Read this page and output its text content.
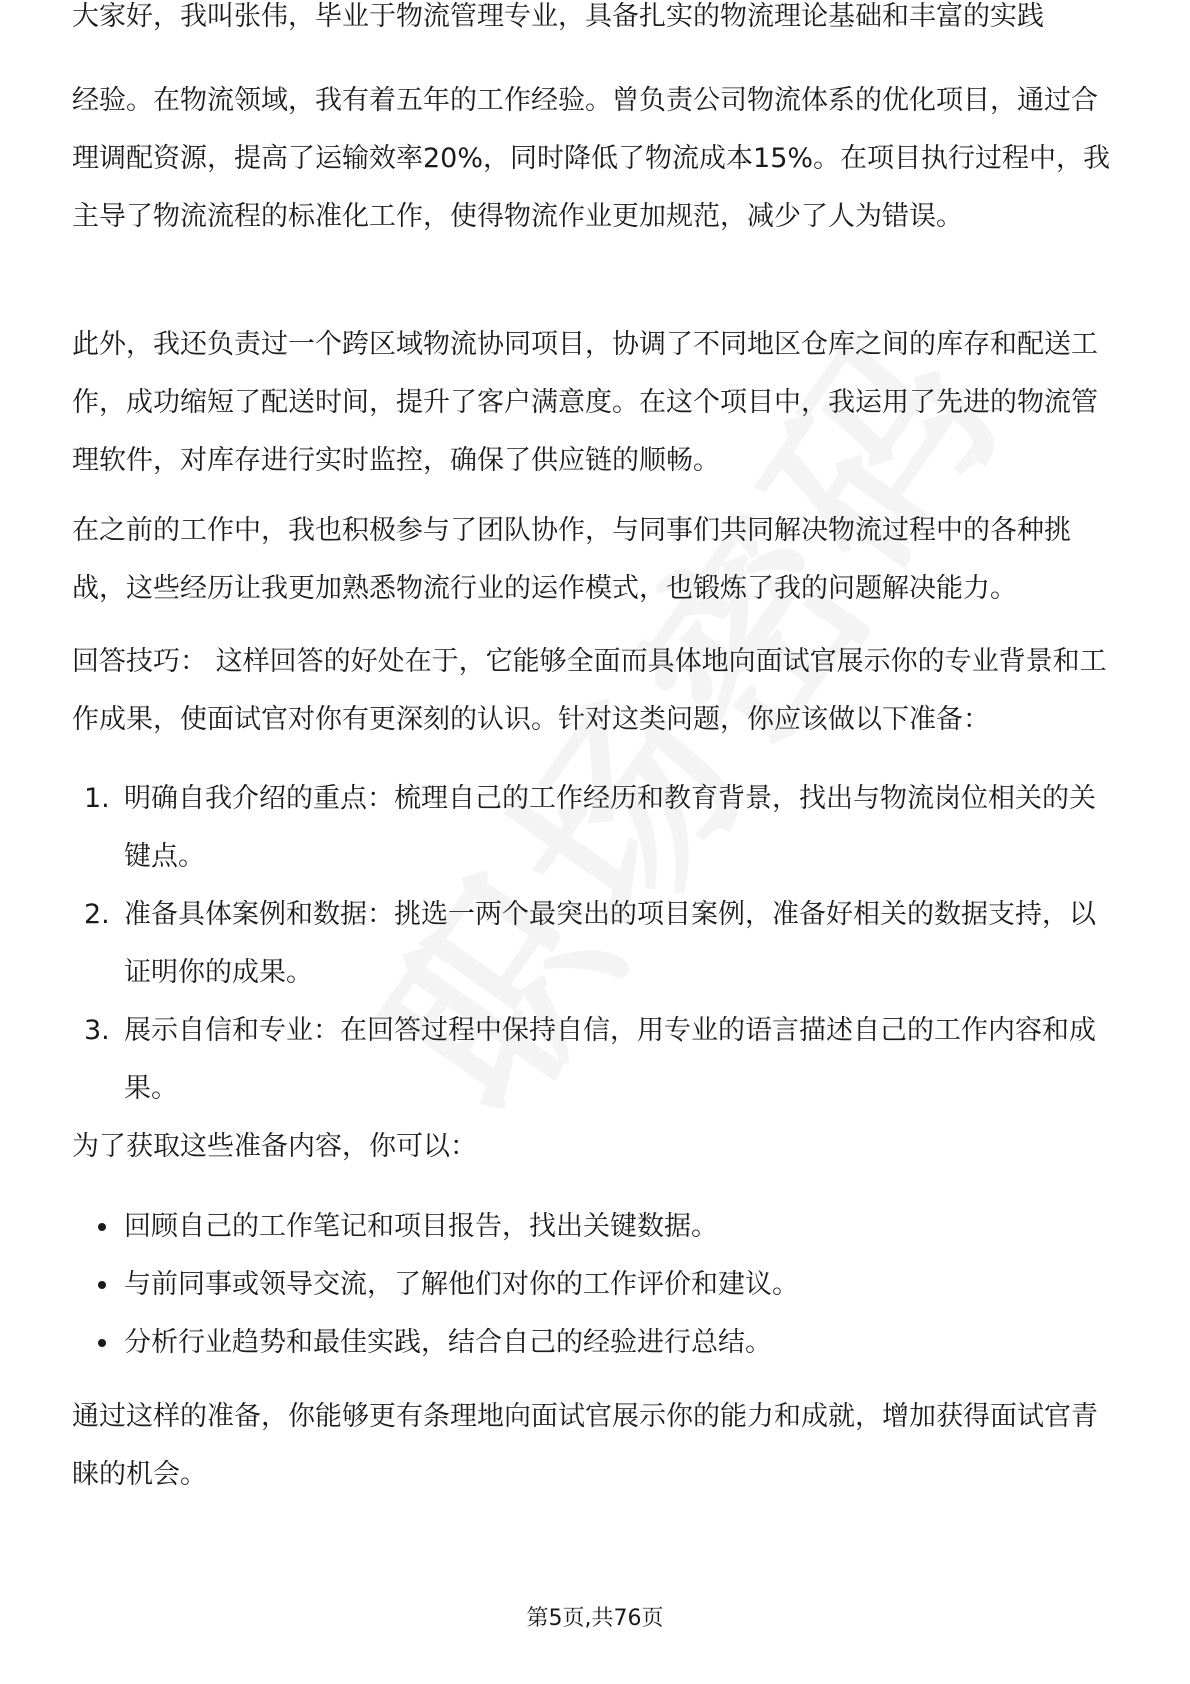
大家好，我叫张伟，毕业于物流管理专业，具备扎实的物流理论基础和丰富的实践

经验。在物流领域，我有着五年的工作经验。曾负责公司物流体系的优化项目，通过合理调配资源，提高了运输效率20%，同时降低了物流成本15%。在项目执行过程中，我主导了物流流程的标准化工作，使得物流作业更加规范，减少了人为错误。

此外，我还负责过一个跨区域物流协同项目，协调了不同地区仓库之间的库存和配送工作，成功缩短了配送时间，提升了客户满意度。在这个项目中，我运用了先进的物流管理软件，对库存进行实时监控，确保了供应链的顺畅。

在之前的工作中，我也积极参与了团队协作，与同事们共同解决物流过程中的各种挑战，这些经历让我更加熟悉物流行业的运作模式，也锻炼了我的问题解决能力。

回答技巧： 这样回答的好处在于，它能够全面而具体地向面试官展示你的专业背景和工作成果，使面试官对你有更深刻的认识。针对这类问题，你应该做以下准备：

1. 明确自我介绍的重点：梳理自己的工作经历和教育背景，找出与物流岗位相关的关键点。
2. 准备具体案例和数据：挑选一两个最突出的项目案例，准备好相关的数据支持，以证明你的成果。
3. 展示自信和专业：在回答过程中保持自信，用专业的语言描述自己的工作内容和成果。

为了获取这些准备内容，你可以：

回顾自己的工作笔记和项目报告，找出关键数据。
与前同事或领导交流，了解他们对你的工作评价和建议。
分析行业趋势和最佳实践，结合自己的经验进行总结。

通过这样的准备，你能够更有条理地向面试官展示你的能力和成就，增加获得面试官青睐的机会。

第5页,共76页
